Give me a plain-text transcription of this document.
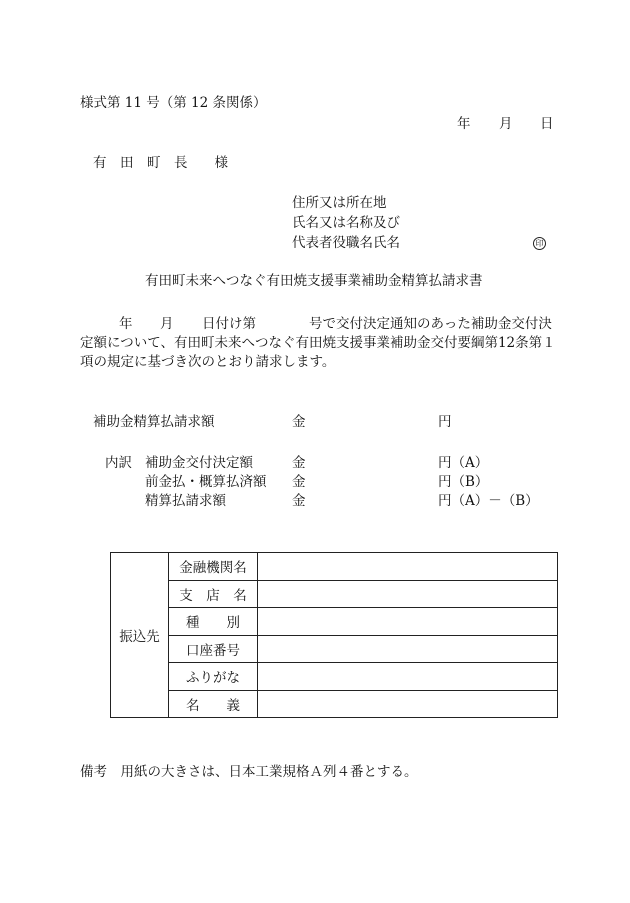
様式第 11 号（第 12 条関係）
年 月 日
有　田　町　長　　様
住所又は所在地
氏名又は名称及び
代表者役職名氏名	印
有田町未来へつなぐ有田焼支援事業補助金精算払請求書
年 月 日付け第	号で交付決定通知のあった補助金交付決
定額について、有田町未来へつなぐ有田焼支援事業補助金交付要綱第12条第１
項の規定に基づき次のとおり請求します。
補助金精算払請求額	金	円
内訳 補助金交付決定額	金	円（A）
前金払・概算払済額 金	円（B）
精算払請求額	金	円（A）－（B）
振込先	金融機関名	
	支　店　名	
	種　　別	
	口座番号	
	ふりがな	
	名　　義	
備考　用紙の大きさは、日本工業規格Ａ列４番とする。
